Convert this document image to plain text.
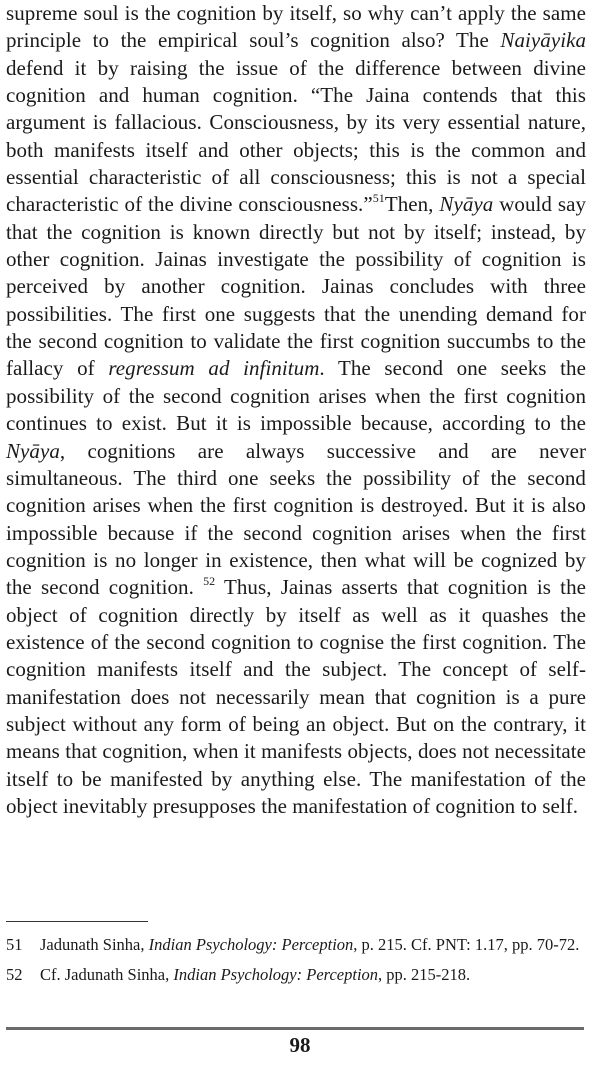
supreme soul is the cognition by itself, so why can’t apply the same principle to the empirical soul’s cognition also? The Naiyāyika defend it by raising the issue of the difference between divine cognition and human cognition. “The Jaina contends that this argument is fallacious. Consciousness, by its very essential nature, both manifests itself and other objects; this is the common and essential characteristic of all consciousness; this is not a special characteristic of the divine consciousness.”$^{51}$Then, Nyāya would say that the cognition is known directly but not by itself; instead, by other cognition. Jainas investigate the possibility of cognition is perceived by another cognition. Jainas concludes with three possibilities. The first one suggests that the unending demand for the second cognition to validate the first cognition succumbs to the fallacy of regressum ad infinitum. The second one seeks the possibility of the second cognition arises when the first cognition continues to exist. But it is impossible because, according to the Nyāya, cognitions are always successive and are never simultaneous. The third one seeks the possibility of the second cognition arises when the first cognition is destroyed. But it is also impossible because if the second cognition arises when the first cognition is no longer in existence, then what will be cognized by the second cognition. $^{52}$ Thus, Jainas asserts that cognition is the object of cognition directly by itself as well as it quashes the existence of the second cognition to cognise the first cognition. The cognition manifests itself and the subject. The concept of self-manifestation does not necessarily mean that cognition is a pure subject without any form of being an object. But on the contrary, it means that cognition, when it manifests objects, does not necessitate itself to be manifested by anything else. The manifestation of the object inevitably presupposes the manifestation of cognition to self.

51	Jadunath Sinha, Indian Psychology: Perception, p. 215. Cf. PNT: 1.17, pp. 70-72.
52	Cf. Jadunath Sinha, Indian Psychology: Perception, pp. 215-218.
98
